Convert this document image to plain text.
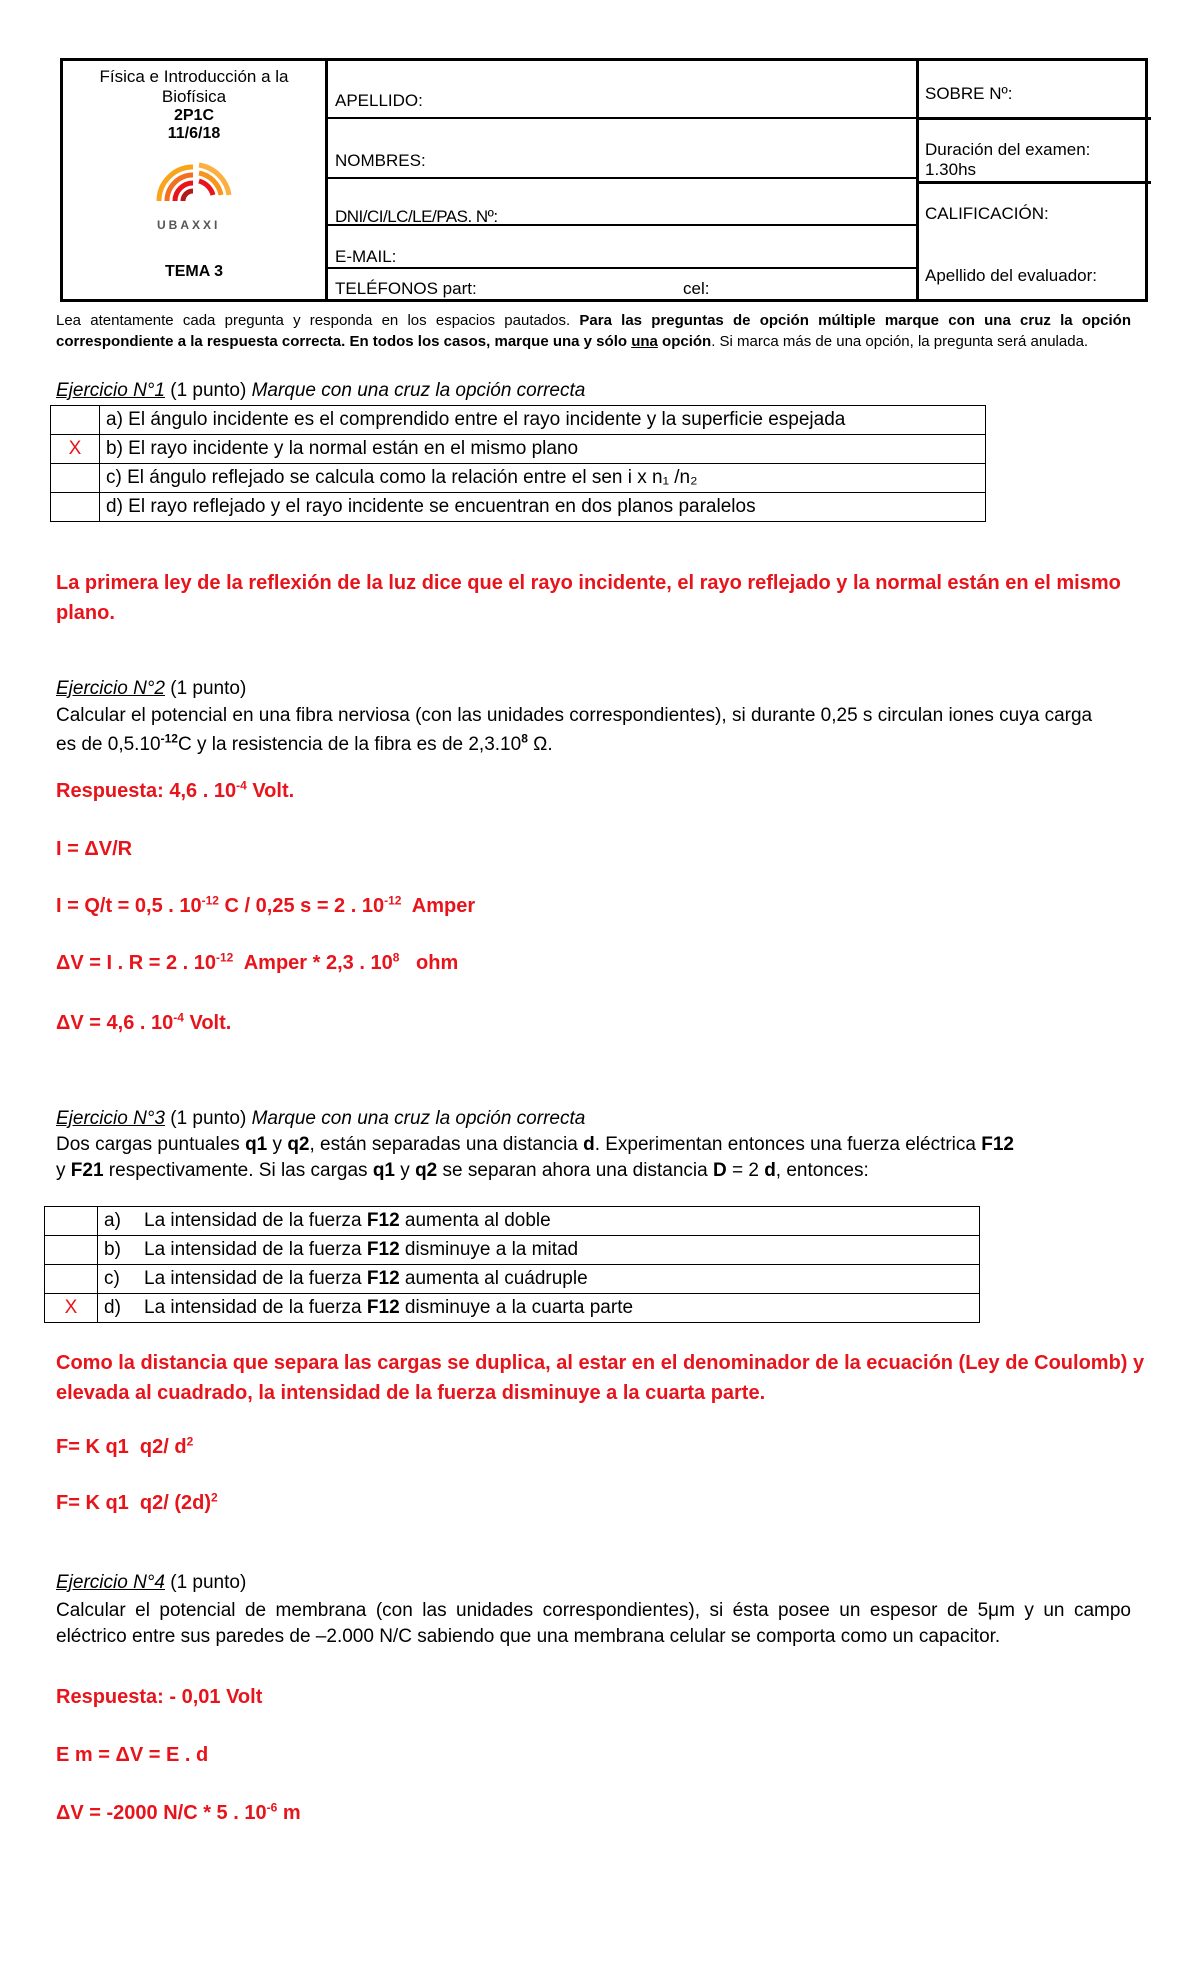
Física e Introducción a la
Biofísica
2P1C
11/6/18
UBAXXI
TEMA 3
APELLIDO:
NOMBRES:
DNI/CI/LC/LE/PAS. Nº:
E-MAIL:
TELÉFONOS part:	cel:
SOBRE Nº:
Duración del examen:
1.30hs
CALIFICACIÓN:
Apellido del evaluador:
Lea atentamente cada pregunta y responda en los espacios pautados. Para las preguntas de opción múltiple marque con una cruz la opción correspondiente a la respuesta correcta. En todos los casos, marque una y sólo una opción. Si marca más de una opción, la pregunta será anulada.
Ejercicio N°1 (1 punto) Marque con una cruz la opción correcta
	a) El ángulo incidente es el comprendido entre el rayo incidente y la superficie espejada
X	b) El rayo incidente y la normal están en el mismo plano
	c) El ángulo reflejado se calcula como la relación entre el sen i x n₁ /n₂
	d) El rayo reflejado y el rayo incidente se encuentran en dos planos paralelos
La primera ley de la reflexión de la luz dice que el rayo incidente, el rayo reflejado y la normal están en el mismo plano.
Ejercicio N°2 (1 punto)
Calcular el potencial en una fibra nerviosa (con las unidades correspondientes), si durante 0,25 s circulan iones cuya carga
es de $0,5.10^{-12}C$ y la resistencia de la fibra es de 2,3.10$^8$ Ω.
Respuesta: 4,6 . $10^{-4}$ Volt.
I = ΔV/R
I = Q/t = 0,5 . $10^{-12}$ C / 0,25 s = 2 . $10^{-12}$  Amper
ΔV = I . R = 2 . $10^{-12}$  Amper * 2,3 . $10^8$   ohm
ΔV = 4,6 . $10^{-4}$ Volt.
Ejercicio N°3 (1 punto) Marque con una cruz la opción correcta
Dos cargas puntuales q1 y q2, están separadas una distancia d. Experimentan entonces una fuerza eléctrica F12
y F21 respectivamente. Si las cargas q1 y q2 se separan ahora una distancia D = 2 d, entonces:
	a) La intensidad de la fuerza F12 aumenta al doble
	b) La intensidad de la fuerza F12 disminuye a la mitad
	c) La intensidad de la fuerza F12 aumenta al cuádruple
X	d) La intensidad de la fuerza F12 disminuye a la cuarta parte
Como la distancia que separa las cargas se duplica, al estar en el denominador de la ecuación (Ley de Coulomb) y elevada al cuadrado, la intensidad de la fuerza disminuye a la cuarta parte.
F= K q1  q2/ $d^2$
F= K q1  q2/ $(2d)^2$
Ejercicio N°4 (1 punto)
Calcular el potencial de membrana (con las unidades correspondientes), si ésta posee un espesor de 5μm y un campo
eléctrico entre sus paredes de –2.000 N/C sabiendo que una membrana celular se comporta como un capacitor.
Respuesta: - 0,01 Volt
E m = ΔV = E . d
ΔV = -2000 N/C * 5 . $10^{-6}$ m
